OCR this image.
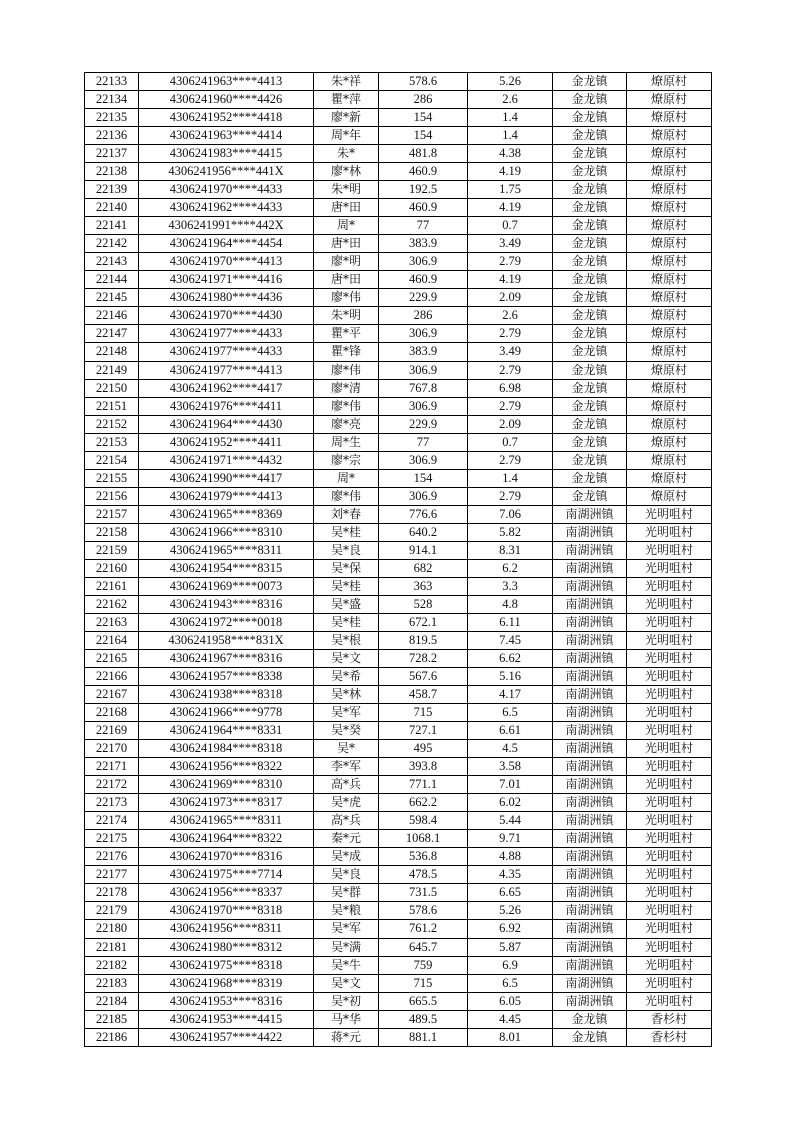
22133	4306241963****4413	朱*祥	578.6	5.26	金龙镇	燎原村
22134	4306241960****4426	瞿*萍	286	2.6	金龙镇	燎原村
22135	4306241952****4418	廖*新	154	1.4	金龙镇	燎原村
22136	4306241963****4414	周*年	154	1.4	金龙镇	燎原村
22137	4306241983****4415	朱*	481.8	4.38	金龙镇	燎原村
22138	4306241956****441X	廖*林	460.9	4.19	金龙镇	燎原村
22139	4306241970****4433	朱*明	192.5	1.75	金龙镇	燎原村
22140	4306241962****4433	唐*田	460.9	4.19	金龙镇	燎原村
22141	4306241991****442X	周*	77	0.7	金龙镇	燎原村
22142	4306241964****4454	唐*田	383.9	3.49	金龙镇	燎原村
22143	4306241970****4413	廖*明	306.9	2.79	金龙镇	燎原村
22144	4306241971****4416	唐*田	460.9	4.19	金龙镇	燎原村
22145	4306241980****4436	廖*伟	229.9	2.09	金龙镇	燎原村
22146	4306241970****4430	朱*明	286	2.6	金龙镇	燎原村
22147	4306241977****4433	瞿*平	306.9	2.79	金龙镇	燎原村
22148	4306241977****4433	瞿*锋	383.9	3.49	金龙镇	燎原村
22149	4306241977****4413	廖*伟	306.9	2.79	金龙镇	燎原村
22150	4306241962****4417	廖*清	767.8	6.98	金龙镇	燎原村
22151	4306241976****4411	廖*伟	306.9	2.79	金龙镇	燎原村
22152	4306241964****4430	廖*亮	229.9	2.09	金龙镇	燎原村
22153	4306241952****4411	周*生	77	0.7	金龙镇	燎原村
22154	4306241971****4432	廖*宗	306.9	2.79	金龙镇	燎原村
22155	4306241990****4417	周*	154	1.4	金龙镇	燎原村
22156	4306241979****4413	廖*伟	306.9	2.79	金龙镇	燎原村
22157	4306241965****8369	刘*春	776.6	7.06	南湖洲镇	光明咀村
22158	4306241966****8310	吴*桂	640.2	5.82	南湖洲镇	光明咀村
22159	4306241965****8311	吴*良	914.1	8.31	南湖洲镇	光明咀村
22160	4306241954****8315	吴*保	682	6.2	南湖洲镇	光明咀村
22161	4306241969****0073	吴*桂	363	3.3	南湖洲镇	光明咀村
22162	4306241943****8316	吴*盛	528	4.8	南湖洲镇	光明咀村
22163	4306241972****0018	吴*桂	672.1	6.11	南湖洲镇	光明咀村
22164	4306241958****831X	吴*根	819.5	7.45	南湖洲镇	光明咀村
22165	4306241967****8316	吴*文	728.2	6.62	南湖洲镇	光明咀村
22166	4306241957****8338	吴*希	567.6	5.16	南湖洲镇	光明咀村
22167	4306241938****8318	吴*林	458.7	4.17	南湖洲镇	光明咀村
22168	4306241966****9778	吴*军	715	6.5	南湖洲镇	光明咀村
22169	4306241964****8331	吴*癸	727.1	6.61	南湖洲镇	光明咀村
22170	4306241984****8318	吴*	495	4.5	南湖洲镇	光明咀村
22171	4306241956****8322	李*军	393.8	3.58	南湖洲镇	光明咀村
22172	4306241969****8310	高*兵	771.1	7.01	南湖洲镇	光明咀村
22173	4306241973****8317	吴*虎	662.2	6.02	南湖洲镇	光明咀村
22174	4306241965****8311	高*兵	598.4	5.44	南湖洲镇	光明咀村
22175	4306241964****8322	秦*元	1068.1	9.71	南湖洲镇	光明咀村
22176	4306241970****8316	吴*成	536.8	4.88	南湖洲镇	光明咀村
22177	4306241975****7714	吴*良	478.5	4.35	南湖洲镇	光明咀村
22178	4306241956****8337	吴*群	731.5	6.65	南湖洲镇	光明咀村
22179	4306241970****8318	吴*粮	578.6	5.26	南湖洲镇	光明咀村
22180	4306241956****8311	吴*军	761.2	6.92	南湖洲镇	光明咀村
22181	4306241980****8312	吴*满	645.7	5.87	南湖洲镇	光明咀村
22182	4306241975****8318	吴*牛	759	6.9	南湖洲镇	光明咀村
22183	4306241968****8319	吴*文	715	6.5	南湖洲镇	光明咀村
22184	4306241953****8316	吴*初	665.5	6.05	南湖洲镇	光明咀村
22185	4306241953****4415	马*华	489.5	4.45	金龙镇	香杉村
22186	4306241957****4422	蒋*元	881.1	8.01	金龙镇	香杉村
